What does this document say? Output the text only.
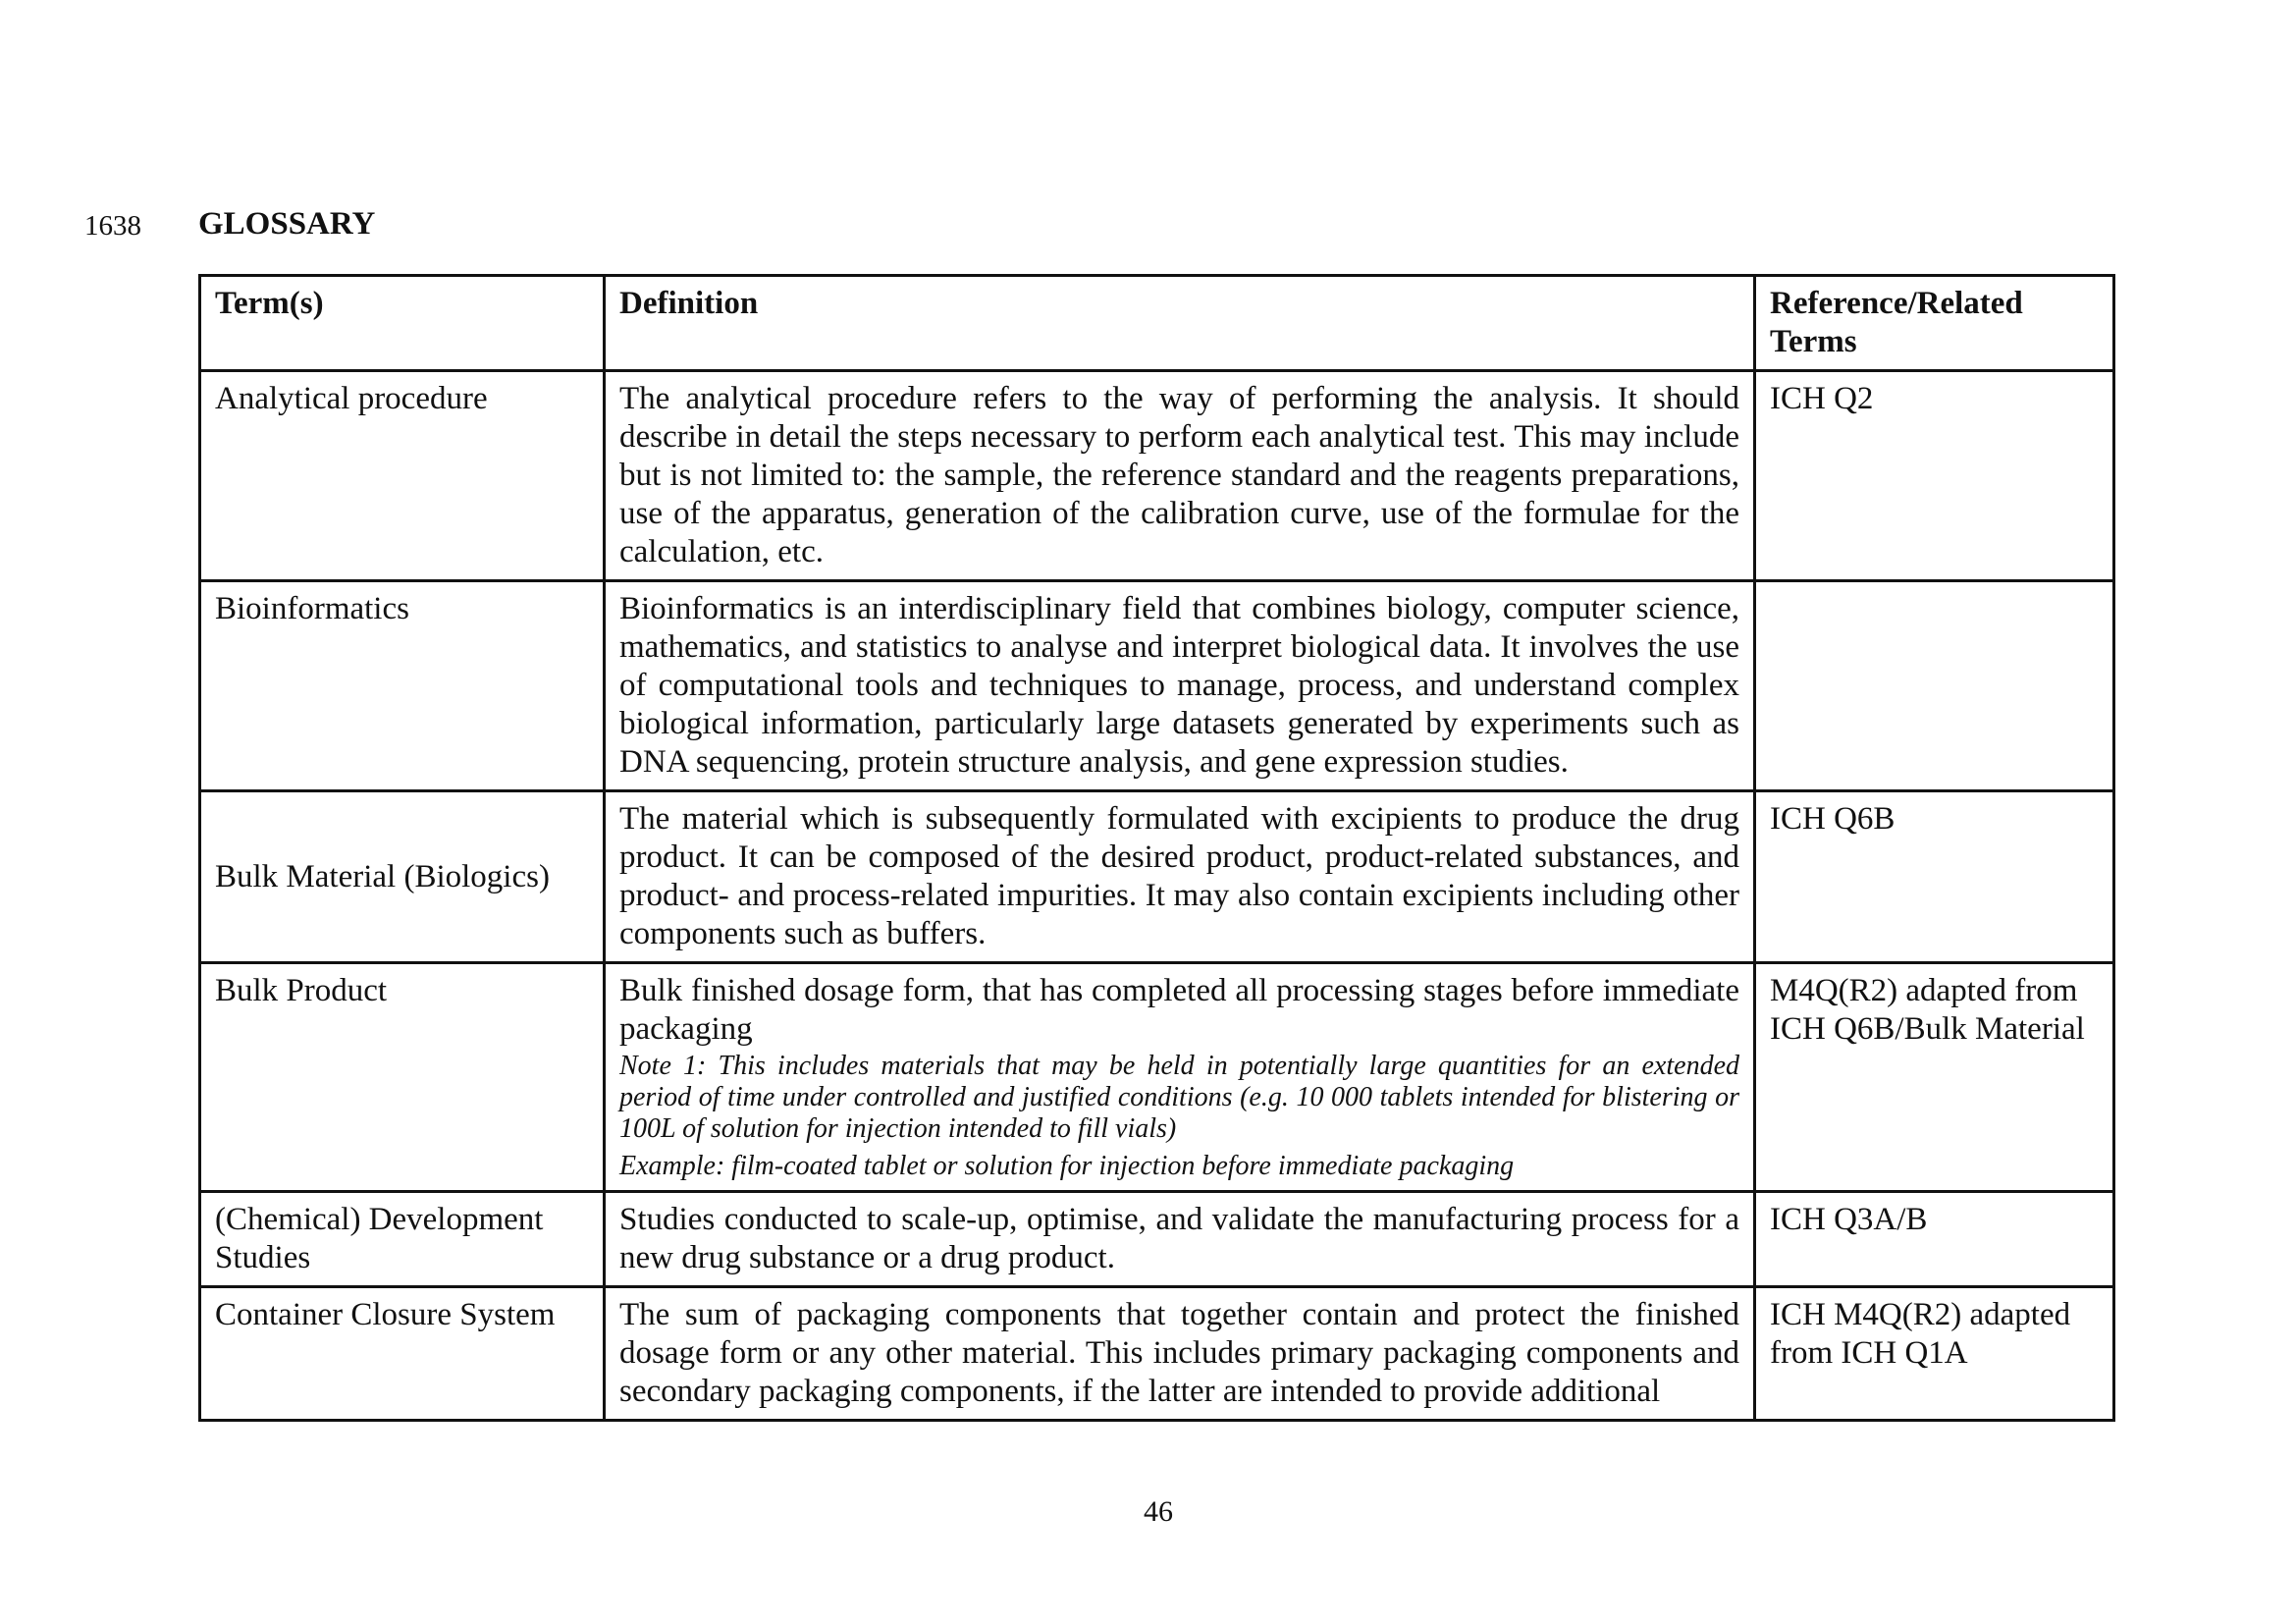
1638 GLOSSARY
Term(s)	Definition	Reference/Related Terms
Analytical procedure	The analytical procedure refers to the way of performing the analysis. It should describe in detail the steps necessary to perform each analytical test. This may include but is not limited to: the sample, the reference standard and the reagents preparations, use of the apparatus, generation of the calibration curve, use of the formulae for the calculation, etc.	ICH Q2
Bioinformatics	Bioinformatics is an interdisciplinary field that combines biology, computer science, mathematics, and statistics to analyse and interpret biological data. It involves the use of computational tools and techniques to manage, process, and understand complex biological information, particularly large datasets generated by experiments such as DNA sequencing, protein structure analysis, and gene expression studies.	
Bulk Material (Biologics)	The material which is subsequently formulated with excipients to produce the drug product. It can be composed of the desired product, product-related substances, and product- and process-related impurities. It may also contain excipients including other components such as buffers.	ICH Q6B
Bulk Product	Bulk finished dosage form, that has completed all processing stages before immediate packaging
Note 1: This includes materials that may be held in potentially large quantities for an extended period of time under controlled and justified conditions (e.g. 10 000 tablets intended for blistering or 100L of solution for injection intended to fill vials)
Example: film-coated tablet or solution for injection before immediate packaging	M4Q(R2) adapted from ICH Q6B/Bulk Material
(Chemical) Development Studies	Studies conducted to scale-up, optimise, and validate the manufacturing process for a new drug substance or a drug product.	ICH Q3A/B
Container Closure System	The sum of packaging components that together contain and protect the finished dosage form or any other material. This includes primary packaging components and secondary packaging components, if the latter are intended to provide additional	ICH M4Q(R2) adapted from ICH Q1A
46
